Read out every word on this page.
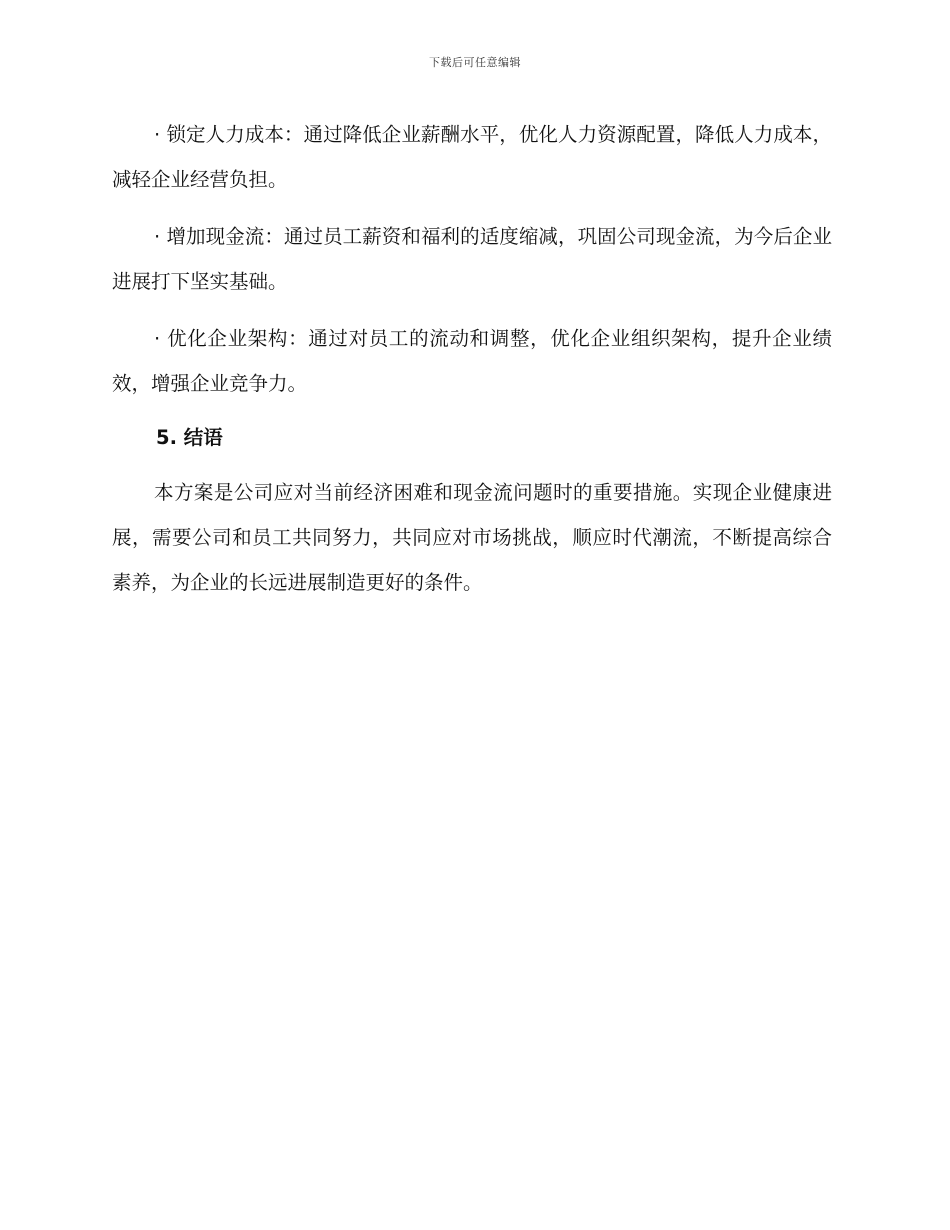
下载后可任意编辑

· 锁定人力成本：通过降低企业薪酬水平，优化人力资源配置，降低人力成本，减轻企业经营负担。

· 增加现金流：通过员工薪资和福利的适度缩减，巩固公司现金流，为今后企业进展打下坚实基础。

· 优化企业架构：通过对员工的流动和调整，优化企业组织架构，提升企业绩效，增强企业竞争力。

5. 结语

本方案是公司应对当前经济困难和现金流问题时的重要措施。实现企业健康进展，需要公司和员工共同努力，共同应对市场挑战，顺应时代潮流，不断提高综合素养，为企业的长远进展制造更好的条件。
